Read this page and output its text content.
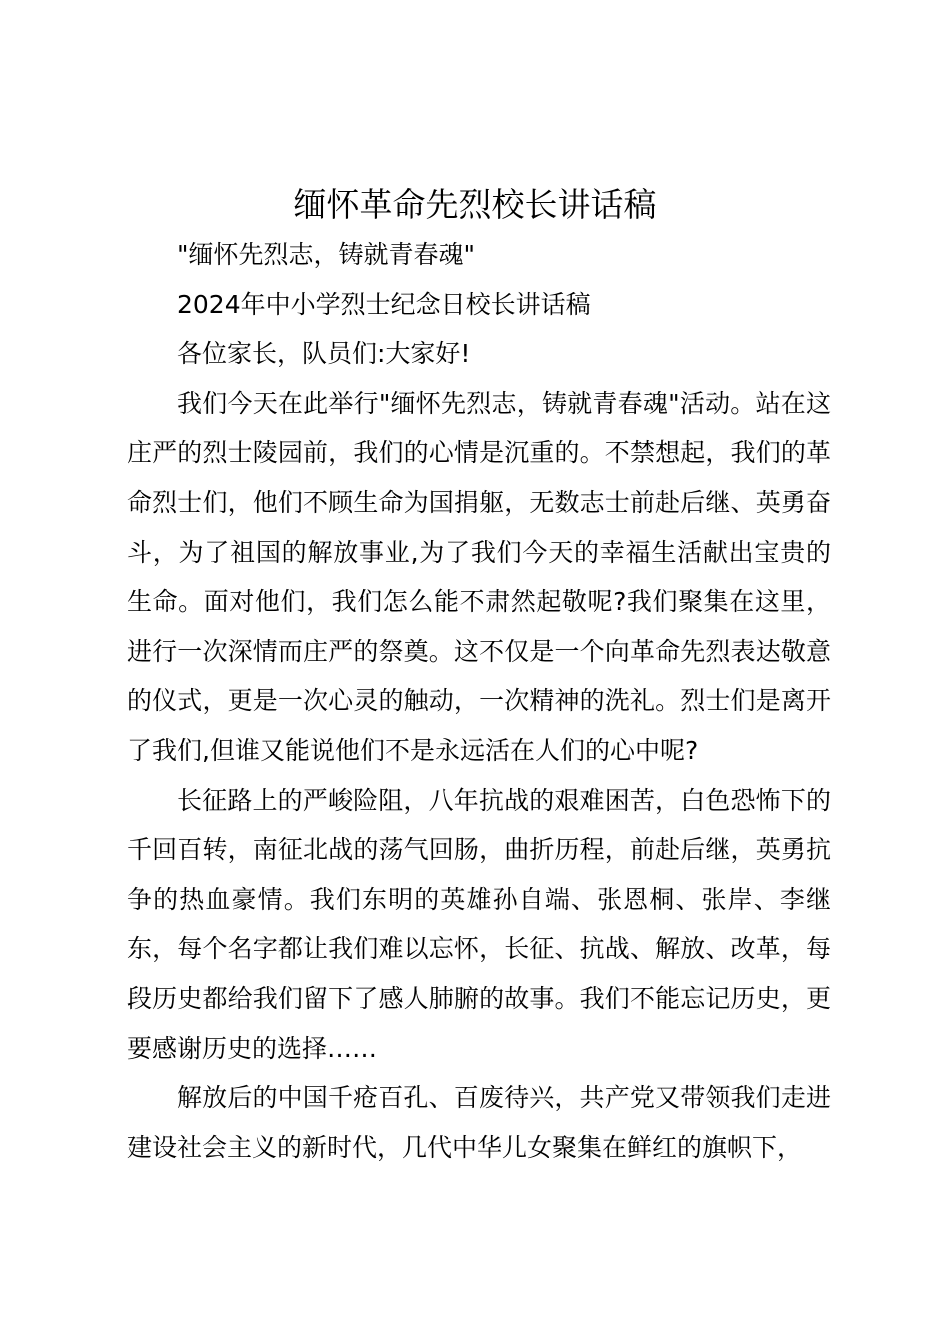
缅怀革命先烈校长讲话稿

"缅怀先烈志，铸就青春魂"

2024年中小学烈士纪念日校长讲话稿

各位家长，队员们:大家好!

我们今天在此举行"缅怀先烈志，铸就青春魂"活动。站在这庄严的烈士陵园前，我们的心情是沉重的。不禁想起，我们的革命烈士们，他们不顾生命为国捐躯，无数志士前赴后继、英勇奋斗，为了祖国的解放事业,为了我们今天的幸福生活献出宝贵的生命。面对他们，我们怎么能不肃然起敬呢?我们聚集在这里，进行一次深情而庄严的祭奠。这不仅是一个向革命先烈表达敬意的仪式，更是一次心灵的触动，一次精神的洗礼。烈士们是离开了我们,但谁又能说他们不是永远活在人们的心中呢?

长征路上的严峻险阻，八年抗战的艰难困苦，白色恐怖下的千回百转，南征北战的荡气回肠，曲折历程，前赴后继，英勇抗争的热血豪情。我们东明的英雄孙自端、张恩桐、张岸、李继东，每个名字都让我们难以忘怀，长征、抗战、解放、改革，每段历史都给我们留下了感人肺腑的故事。我们不能忘记历史，更要感谢历史的选择……

解放后的中国千疮百孔、百废待兴，共产党又带领我们走进建设社会主义的新时代，几代中华儿女聚集在鲜红的旗帜下，
